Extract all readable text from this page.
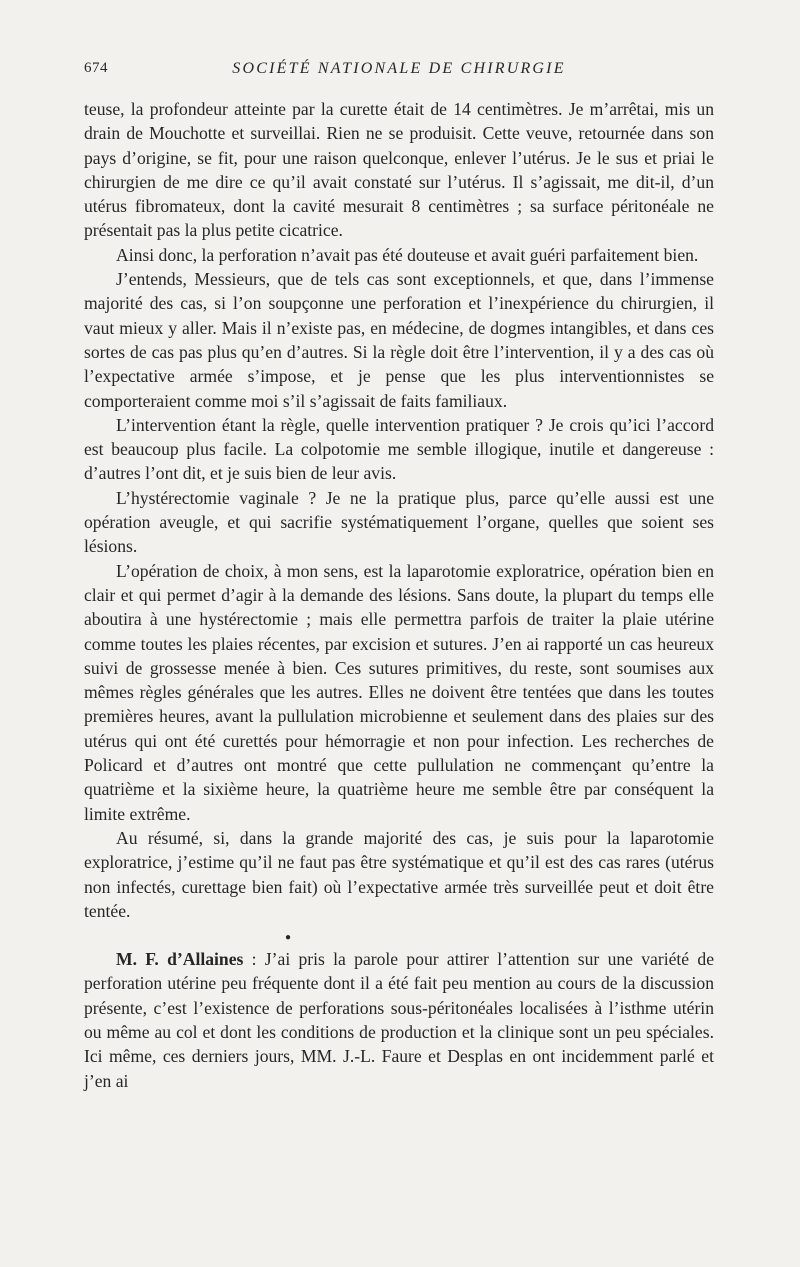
674	SOCIÉTÉ NATIONALE DE CHIRURGIE

teuse, la profondeur atteinte par la curette était de 14 centimètres. Je m’arrêtai, mis un drain de Mouchotte et surveillai. Rien ne se produisit. Cette veuve, retournée dans son pays d’origine, se fit, pour une raison quelconque, enlever l’utérus. Je le sus et priai le chirurgien de me dire ce qu’il avait constaté sur l’utérus. Il s’agissait, me dit-il, d’un utérus fibromateux, dont la cavité mesurait 8 centimètres ; sa surface péritonéale ne présentait pas la plus petite cicatrice.

Ainsi donc, la perforation n’avait pas été douteuse et avait guéri parfaitement bien.

J’entends, Messieurs, que de tels cas sont exceptionnels, et que, dans l’immense majorité des cas, si l’on soupçonne une perforation et l’inexpérience du chirurgien, il vaut mieux y aller. Mais il n’existe pas, en médecine, de dogmes intangibles, et dans ces sortes de cas pas plus qu’en d’autres. Si la règle doit être l’intervention, il y a des cas où l’expectative armée s’impose, et je pense que les plus interventionnistes se comporteraient comme moi s’il s’agissait de faits familiaux.

L’intervention étant la règle, quelle intervention pratiquer ? Je crois qu’ici l’accord est beaucoup plus facile. La colpotomie me semble illogique, inutile et dangereuse : d’autres l’ont dit, et je suis bien de leur avis.

L’hystérectomie vaginale ? Je ne la pratique plus, parce qu’elle aussi est une opération aveugle, et qui sacrifie systématiquement l’organe, quelles que soient ses lésions.

L’opération de choix, à mon sens, est la laparotomie exploratrice, opération bien en clair et qui permet d’agir à la demande des lésions. Sans doute, la plupart du temps elle aboutira à une hystérectomie ; mais elle permettra parfois de traiter la plaie utérine comme toutes les plaies récentes, par excision et sutures. J’en ai rapporté un cas heureux suivi de grossesse menée à bien. Ces sutures primitives, du reste, sont soumises aux mêmes règles générales que les autres. Elles ne doivent être tentées que dans les toutes premières heures, avant la pullulation microbienne et seulement dans des plaies sur des utérus qui ont été curettés pour hémorragie et non pour infection. Les recherches de Policard et d’autres ont montré que cette pullulation ne commençant qu’entre la quatrième et la sixième heure, la quatrième heure me semble être par conséquent la limite extrême.

Au résumé, si, dans la grande majorité des cas, je suis pour la laparotomie exploratrice, j’estime qu’il ne faut pas être systématique et qu’il est des cas rares (utérus non infectés, curettage bien fait) où l’expectative armée très surveillée peut et doit être tentée.

●

M. F. d’Allaines : J’ai pris la parole pour attirer l’attention sur une variété de perforation utérine peu fréquente dont il a été fait peu mention au cours de la discussion présente, c’est l’existence de perforations sous-péritonéales localisées à l’isthme utérin ou même au col et dont les conditions de production et la clinique sont un peu spéciales. Ici même, ces derniers jours, MM. J.-L. Faure et Desplas en ont incidemment parlé et j’en ai
